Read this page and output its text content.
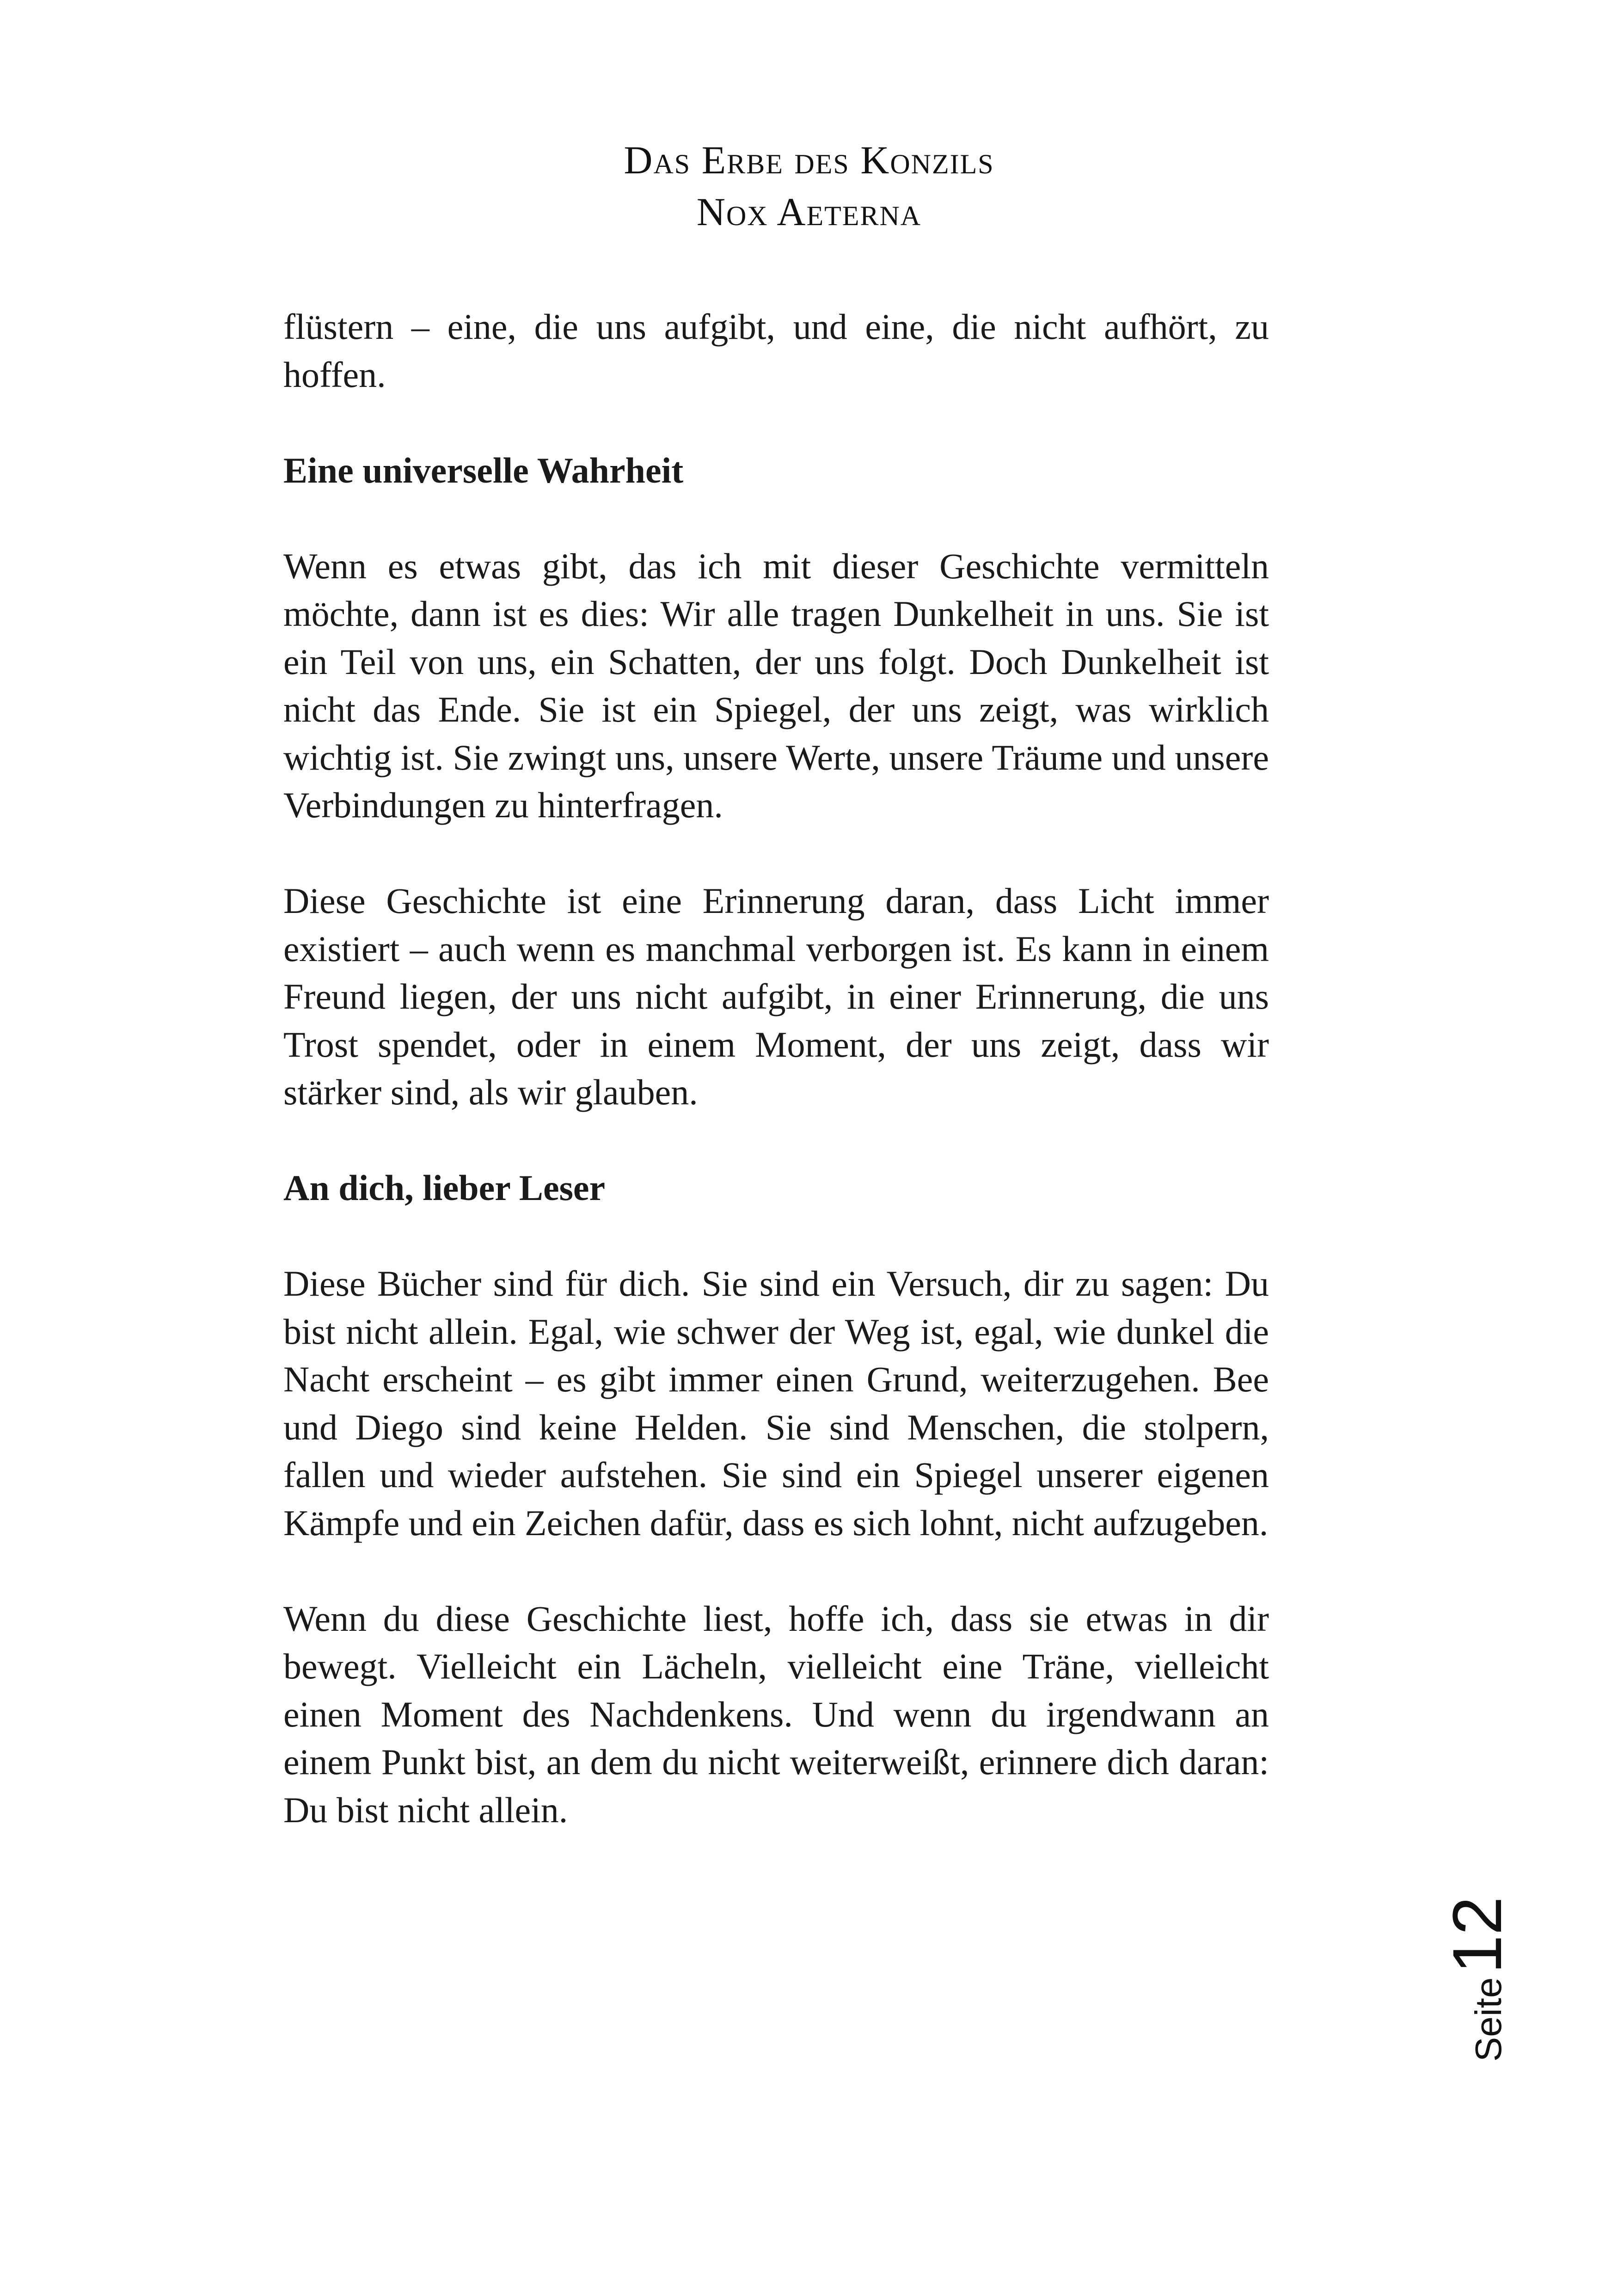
Das Erbe des Konzils
Nox Aeterna

flüstern – eine, die uns aufgibt, und eine, die nicht aufhört, zu hoffen.

Eine universelle Wahrheit

Wenn es etwas gibt, das ich mit dieser Geschichte vermitteln möchte, dann ist es dies: Wir alle tragen Dunkelheit in uns. Sie ist ein Teil von uns, ein Schatten, der uns folgt. Doch Dunkelheit ist nicht das Ende. Sie ist ein Spiegel, der uns zeigt, was wirklich wichtig ist. Sie zwingt uns, unsere Werte, unsere Träume und unsere Verbindungen zu hinterfragen.

Diese Geschichte ist eine Erinnerung daran, dass Licht immer existiert – auch wenn es manchmal verborgen ist. Es kann in einem Freund liegen, der uns nicht aufgibt, in einer Erinnerung, die uns Trost spendet, oder in einem Moment, der uns zeigt, dass wir stärker sind, als wir glauben.

An dich, lieber Leser

Diese Bücher sind für dich. Sie sind ein Versuch, dir zu sagen: Du bist nicht allein. Egal, wie schwer der Weg ist, egal, wie dunkel die Nacht erscheint – es gibt immer einen Grund, weiterzugehen. Bee und Diego sind keine Helden. Sie sind Menschen, die stolpern, fallen und wieder aufstehen. Sie sind ein Spiegel unserer eigenen Kämpfe und ein Zeichen dafür, dass es sich lohnt, nicht aufzugeben.

Wenn du diese Geschichte liest, hoffe ich, dass sie etwas in dir bewegt. Vielleicht ein Lächeln, vielleicht eine Träne, vielleicht einen Moment des Nachdenkens. Und wenn du irgendwann an einem Punkt bist, an dem du nicht weiterweißt, erinnere dich daran: Du bist nicht allein.

Seite
12
